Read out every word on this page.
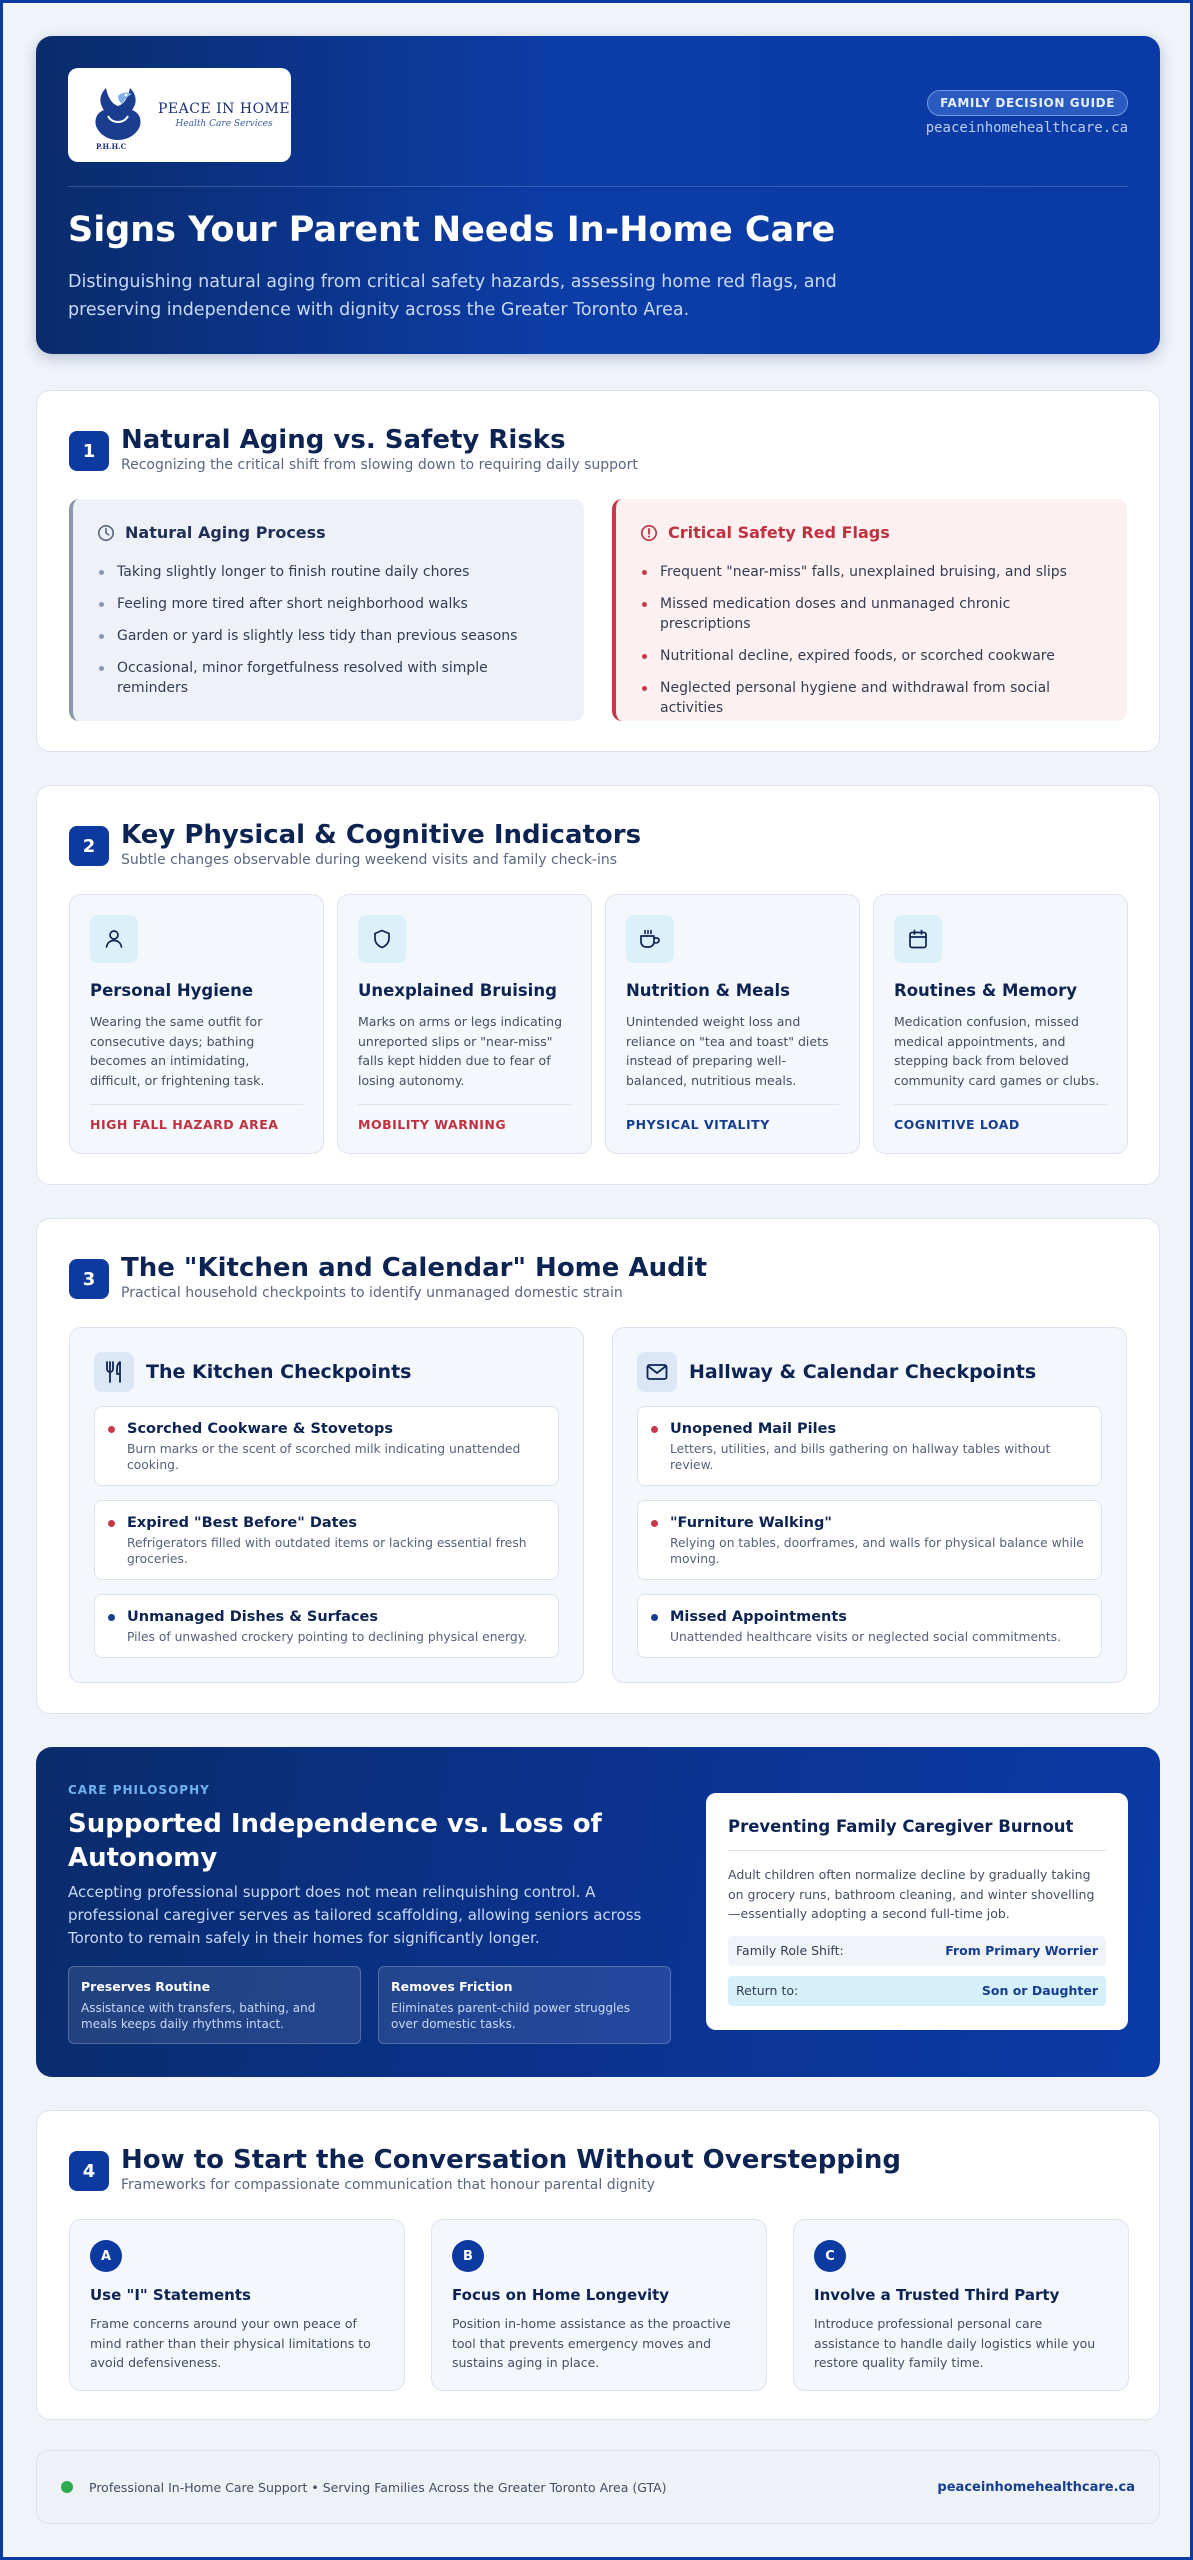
P.H.H.C
PEACE IN HOME
Health Care Services
FAMILY DECISION GUIDE
peaceinhomehealthcare.ca
Signs Your Parent Needs In-Home Care

Distinguishing natural aging from critical safety hazards, assessing home red flags, and preserving independence with dignity across the Greater Toronto Area.

1 Natural Aging vs. Safety Risks

Recognizing the critical shift from slowing down to requiring daily support

Natural Aging Process
Taking slightly longer to finish routine daily chores
Feeling more tired after short neighborhood walks
Garden or yard is slightly less tidy than previous seasons
Occasional, minor forgetfulness resolved with simple reminders
Critical Safety Red Flags
Frequent "near-miss" falls, unexplained bruising, and slips
Missed medication doses and unmanaged chronic prescriptions
Nutritional decline, expired foods, or scorched cookware
Neglected personal hygiene and withdrawal from social activities
2 Key Physical & Cognitive Indicators

Subtle changes observable during weekend visits and family check-ins

Personal Hygiene

Wearing the same outfit for consecutive days; bathing becomes an intimidating, difficult, or frightening task.

HIGH FALL HAZARD AREA
Unexplained Bruising

Marks on arms or legs indicating unreported slips or "near-miss" falls kept hidden due to fear of losing autonomy.

MOBILITY WARNING
Nutrition & Meals

Unintended weight loss and reliance on "tea and toast" diets instead of preparing well-balanced, nutritious meals.

PHYSICAL VITALITY
Routines & Memory

Medication confusion, missed medical appointments, and stepping back from beloved community card games or clubs.

COGNITIVE LOAD
3 The "Kitchen and Calendar" Home Audit

Practical household checkpoints to identify unmanaged domestic strain

The Kitchen Checkpoints
Scorched Cookware & Stovetops

Burn marks or the scent of scorched milk indicating unattended cooking.

Expired "Best Before" Dates

Refrigerators filled with outdated items or lacking essential fresh groceries.

Unmanaged Dishes & Surfaces

Piles of unwashed crockery pointing to declining physical energy.

Hallway & Calendar Checkpoints
Unopened Mail Piles

Letters, utilities, and bills gathering on hallway tables without review.

"Furniture Walking"

Relying on tables, doorframes, and walls for physical balance while moving.

Missed Appointments

Unattended healthcare visits or neglected social commitments.

CARE PHILOSOPHY
Supported Independence vs. Loss of Autonomy

Accepting professional support does not mean relinquishing control. A professional caregiver serves as tailored scaffolding, allowing seniors across Toronto to remain safely in their homes for significantly longer.

Preserves Routine

Assistance with transfers, bathing, and meals keeps daily rhythms intact.

Removes Friction

Eliminates parent-child power struggles over domestic tasks.

Preventing Family Caregiver Burnout

Adult children often normalize decline by gradually taking on grocery runs, bathroom cleaning, and winter shovelling—essentially adopting a second full-time job.

Family Role Shift:	From Primary Worrier
Return to:	Son or Daughter
4 How to Start the Conversation Without Overstepping

Frameworks for compassionate communication that honour parental dignity

A
Use "I" Statements

Frame concerns around your own peace of mind rather than their physical limitations to avoid defensiveness.

B
Focus on Home Longevity

Position in-home assistance as the proactive tool that prevents emergency moves and sustains aging in place.

C
Involve a Trusted Third Party

Introduce professional personal care assistance to handle daily logistics while you restore quality family time.

Professional In-Home Care Support • Serving Families Across the Greater Toronto Area (GTA)	peaceinhomehealthcare.ca
